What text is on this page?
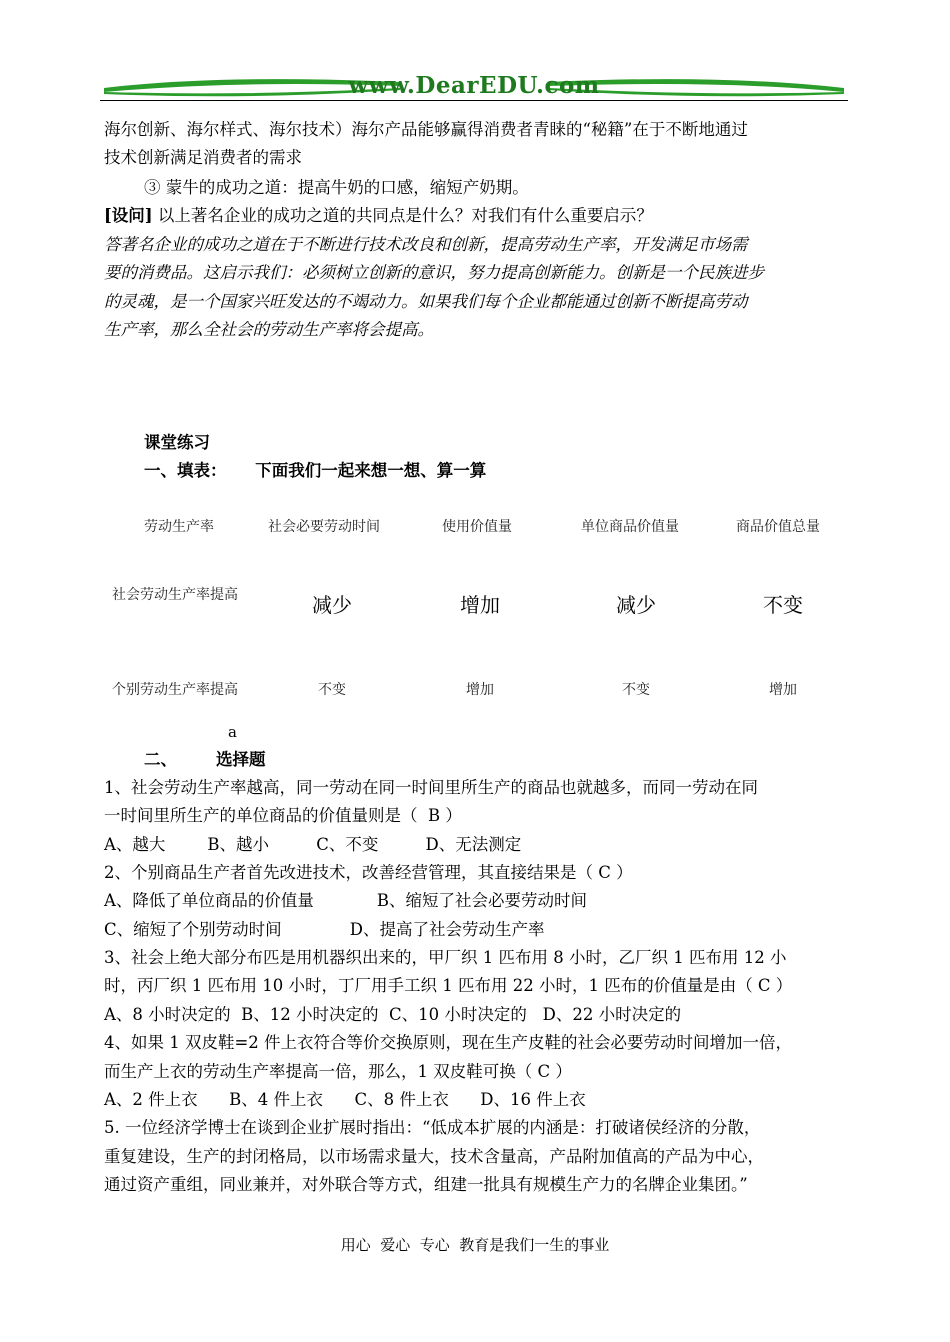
www.DearEDU.com
海尔创新、海尔样式、海尔技术）海尔产品能够赢得消费者青睐的“秘籍”在于不断地通过
技术创新满足消费者的需求
③ 蒙牛的成功之道：提高牛奶的口感，缩短产奶期。
[设问] 以上著名企业的成功之道的共同点是什么？对我们有什么重要启示？
答著名企业的成功之道在于不断进行技术改良和创新，提高劳动生产率，开发满足市场需
要的消费品。这启示我们：必须树立创新的意识，努力提高创新能力。创新是一个民族进步
的灵魂，是一个国家兴旺发达的不竭动力。如果我们每个企业都能通过创新不断提高劳动
生产率，那么全社会的劳动生产率将会提高。
课堂练习
一、填表：     下面我们一起来想一想、算一算
劳动生产率	社会必要劳动时间	使用价值量	单位商品价值量	商品价值总量
社会劳动生产率提高	减少	增加	减少	不变
个别劳动生产率提高	不变	增加	不变	增加
a
二、 选择题
1、社会劳动生产率越高，同一劳动在同一时间里所生产的商品也就越多，而同一劳动在同
一时间里所生产的单位商品的价值量则是（  B ）
A、越大        B、越小         C、不变         D、无法测定
2、个别商品生产者首先改进技术，改善经营管理，其直接结果是（ C ）
A、降低了单位商品的价值量            B、缩短了社会必要劳动时间
C、缩短了个别劳动时间             D、提高了社会劳动生产率
3、社会上绝大部分布匹是用机器织出来的，甲厂织 1 匹布用 8 小时，乙厂织 1 匹布用 12 小
时，丙厂织 1 匹布用 10 小时，丁厂用手工织 1 匹布用 22 小时，1 匹布的价值量是由（ C ）
A、8 小时决定的  B、12 小时决定的  C、10 小时决定的   D、22 小时决定的
4、如果 1 双皮鞋=2 件上衣符合等价交换原则，现在生产皮鞋的社会必要劳动时间增加一倍，
而生产上衣的劳动生产率提高一倍，那么，1 双皮鞋可换（ C ）
A、2 件上衣      B、4 件上衣      C、8 件上衣      D、16 件上衣
5. 一位经济学博士在谈到企业扩展时指出：“低成本扩展的内涵是：打破诸侯经济的分散，
重复建设，生产的封闭格局，以市场需求量大，技术含量高，产品附加值高的产品为中心，
通过资产重组，同业兼并，对外联合等方式，组建一批具有规模生产力的名牌企业集团。”
用心  爱心  专心  教育是我们一生的事业
